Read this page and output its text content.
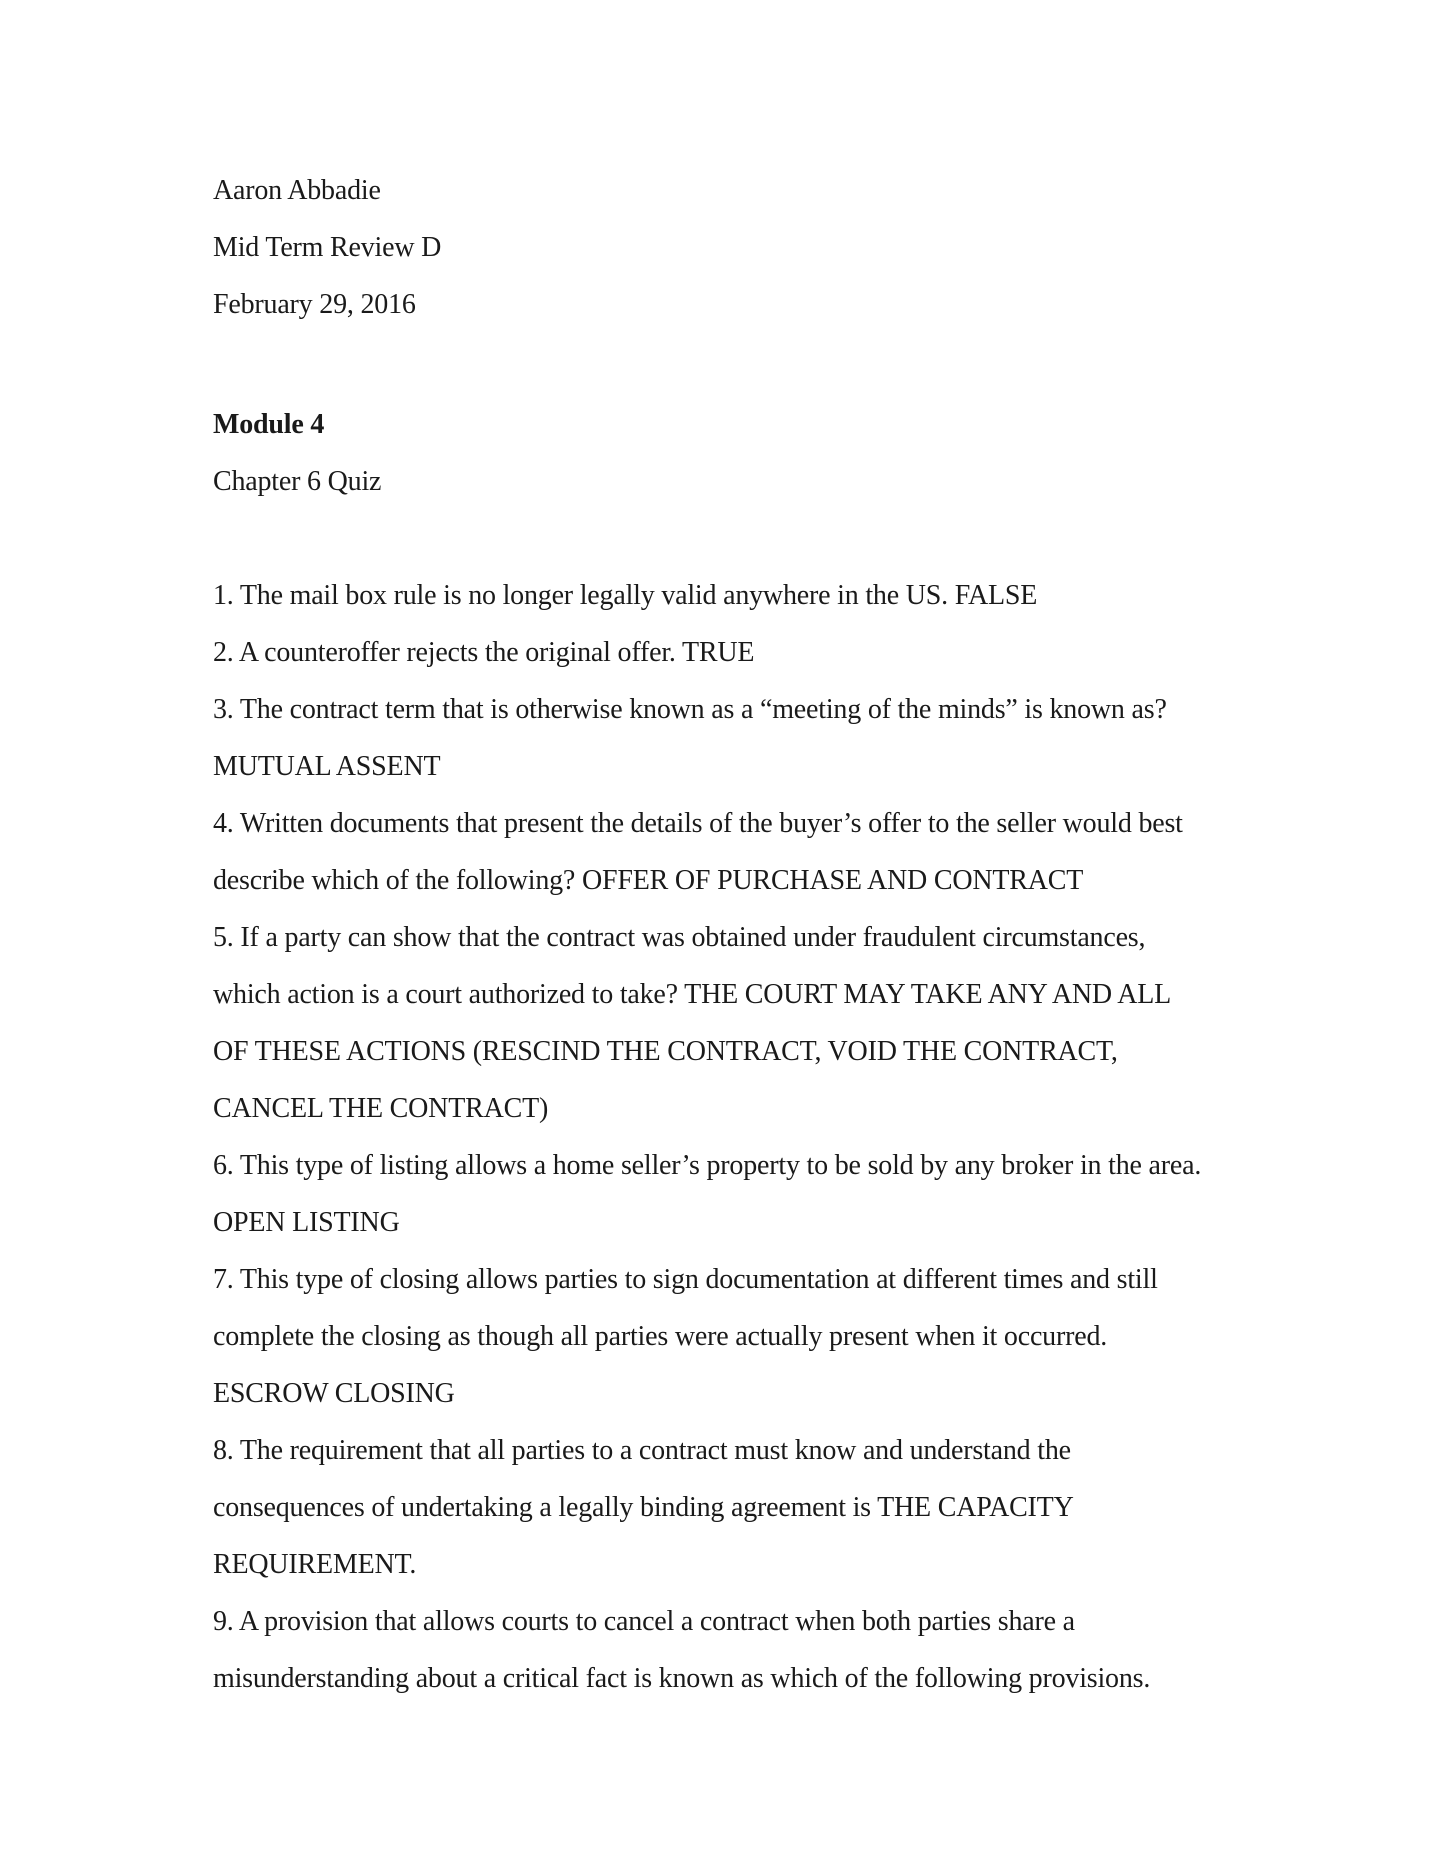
Aaron Abbadie
Mid Term Review D
February 29, 2016
Module 4
Chapter 6 Quiz
1. The mail box rule is no longer legally valid anywhere in the US. FALSE
2. A counteroffer rejects the original offer. TRUE
3. The contract term that is otherwise known as a “meeting of the minds” is known as?
MUTUAL ASSENT
4. Written documents that present the details of the buyer’s offer to the seller would best
describe which of the following? OFFER OF PURCHASE AND CONTRACT
5. If a party can show that the contract was obtained under fraudulent circumstances,
which action is a court authorized to take? THE COURT MAY TAKE ANY AND ALL
OF THESE ACTIONS (RESCIND THE CONTRACT, VOID THE CONTRACT,
CANCEL THE CONTRACT)
6. This type of listing allows a home seller’s property to be sold by any broker in the area.
OPEN LISTING
7. This type of closing allows parties to sign documentation at different times and still
complete the closing as though all parties were actually present when it occurred.
ESCROW CLOSING
8. The requirement that all parties to a contract must know and understand the
consequences of undertaking a legally binding agreement is THE CAPACITY
REQUIREMENT.
9. A provision that allows courts to cancel a contract when both parties share a
misunderstanding about a critical fact is known as which of the following provisions.
